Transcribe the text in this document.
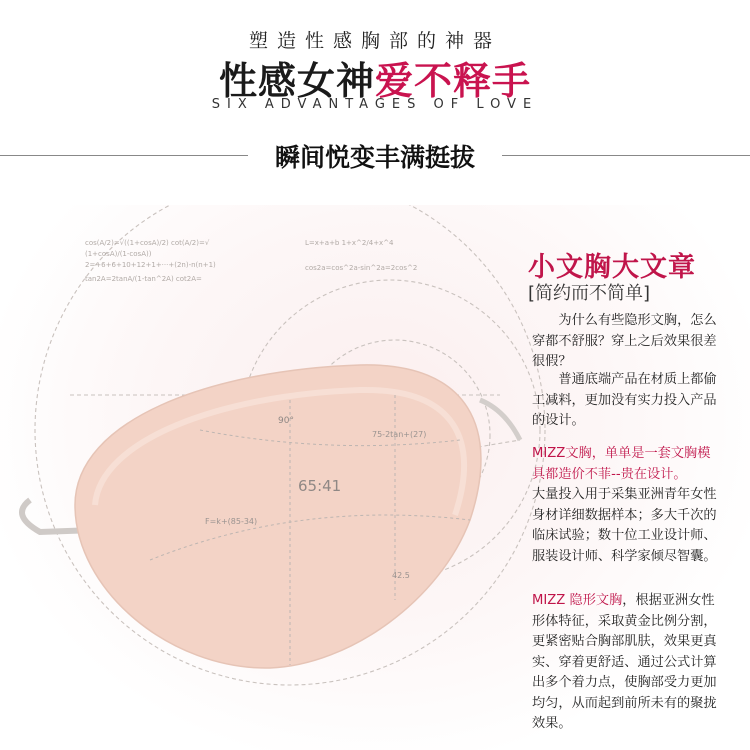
塑造性感胸部的神器
性感女神爱不释手
SIX ADVANTAGES OF LOVE
瞬间悦变丰满挺拔
65:41
90°
75-2tan+(27)
F=k+(85-34)
42.5
cos(A/2)=√((1+cosA)/2) cot(A/2)=√
(1+cosA)/(1-cosA))
2=+6+6+10+12+1+···+(2n)-n(n+1)
tan2A=2tanA/(1-tan^2A) cot2A=
L=x+a+b 1+x^2/4+x^4
cos2a=cos^2a-sin^2a=2cos^2	小文胸大文章
[简约而不简单]
为什么有些隐形文胸，怎么穿都不舒服？穿上之后效果很差很假？
普通底端产品在材质上都偷工减料，更加没有实力投入产品的设计。
MIZZ文胸，单单是一套文胸模具都造价不菲--贵在设计。
大量投入用于采集亚洲青年女性身材详细数据样本；多大千次的临床试验；数十位工业设计师、服装设计师、科学家倾尽智囊。
MIZZ 隐形文胸，根据亚洲女性形体特征，采取黄金比例分割，更紧密贴合胸部肌肤，效果更真实、穿着更舒适、通过公式计算出多个着力点，使胸部受力更加均匀，从而起到前所未有的聚拢效果。
